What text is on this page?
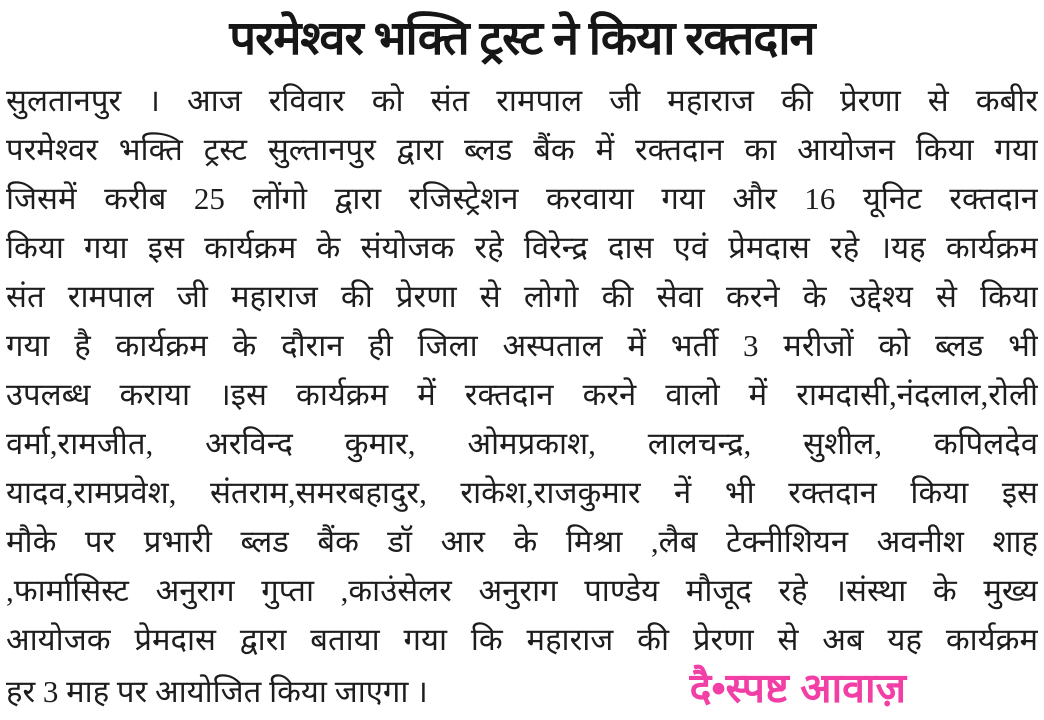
परमेश्वर भक्ति ट्रस्ट ने किया रक्तदान
सुलतानपुर । आज रविवार को संत रामपाल जी महाराज की प्रेरणा से कबीर
परमेश्वर भक्ति ट्रस्ट सुल्तानपुर द्वारा ब्लड बैंक में रक्तदान का आयोजन किया गया
जिसमें करीब 25 लोंगो द्वारा रजिस्ट्रेशन करवाया गया और 16 यूनिट रक्तदान
किया गया इस कार्यक्रम के संयोजक रहे विरेन्द्र दास एवं प्रेमदास रहे ।यह कार्यक्रम
संत रामपाल जी महाराज की प्रेरणा से लोगो की सेवा करने के उद्देश्य से किया
गया है कार्यक्रम के दौरान ही जिला अस्पताल में भर्ती 3 मरीजों को ब्लड भी
उपलब्ध कराया ।इस कार्यक्रम में रक्तदान करने वालो में रामदासी,नंदलाल,रोली
वर्मा,रामजीत, अरविन्द कुमार, ओमप्रकाश, लालचन्द्र, सुशील, कपिलदेव
यादव,रामप्रवेश, संतराम,समरबहादुर, राकेश,राजकुमार नें भी रक्तदान किया इस
मौके पर प्रभारी ब्लड बैंक डॉ आर के मिश्रा ,लैब टेक्नीशियन अवनीश शाह
,फार्मासिस्ट अनुराग गुप्ता ,काउंसेलर अनुराग पाण्डेय मौजूद रहे ।संस्था के मुख्य
आयोजक प्रेमदास द्वारा बताया गया कि महाराज की प्रेरणा से अब यह कार्यक्रम
हर 3 माह पर आयोजित किया जाएगा ।	दै•स्पष्ट आवाज़
